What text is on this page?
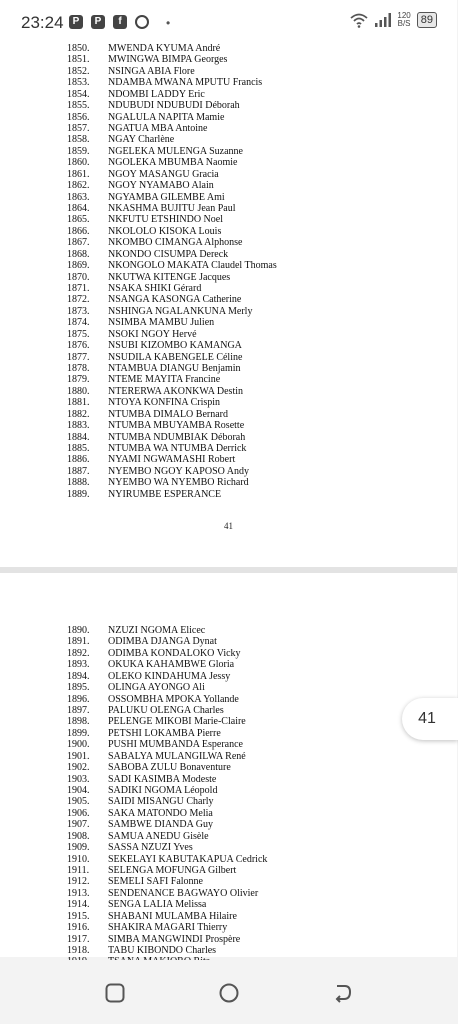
23:24 P	P	f	•
120
B/S 89
1850. MWENDA KYUMA André
1851. MWINGWA BIMPA Georges
1852. NSINGA ABIA Flore
1853. NDAMBA MWANA MPUTU Francis
1854. NDOMBI LADDY Eric
1855. NDUBUDI NDUBUDI Déborah
1856. NGALULA NAPITA Mamie
1857. NGATUA MBA Antoine
1858. NGAY Charlène
1859. NGELEKA MULENGA Suzanne
1860. NGOLEKA MBUMBA Naomie
1861. NGOY MASANGU Gracia
1862. NGOY NYAMABO Alain
1863. NGYAMBA GILEMBE Ami
1864. NKASHMA BUJITU Jean Paul
1865. NKFUTU ETSHINDO Noel
1866. NKOLOLO KISOKA Louis
1867. NKOMBO CIMANGA Alphonse
1868. NKONDO CISUMPA Dereck
1869. NKONGOLO MAKATA Claudel Thomas
1870. NKUTWA KITENGE Jacques
1871. NSAKA SHIKI Gérard
1872. NSANGA KASONGA Catherine
1873. NSHINGA NGALANKUNA Merly
1874. NSIMBA MAMBU Julien
1875. NSOKI NGOY Hervé
1876. NSUBI KIZOMBO KAMANGA
1877. NSUDILA KABENGELE Céline
1878. NTAMBUA DIANGU Benjamin
1879. NTEME MAYITA Francine
1880. NTERERWA AKONKWA Destin
1881. NTOYA KONFINA Crispin
1882. NTUMBA DIMALO Bernard
1883. NTUMBA MBUYAMBA Rosette
1884. NTUMBA NDUMBIAK Déborah
1885. NTUMBA WA NTUMBA Derrick
1886. NYAMI NGWAMASHI Robert
1887. NYEMBO NGOY KAPOSO Andy
1888. NYEMBO WA NYEMBO Richard
1889. NYIRUMBE ESPERANCE
41
1890. NZUZI NGOMA Elicec
1891. ODIMBA DJANGA Dynat
1892. ODIMBA KONDALOKO Vicky
1893. OKUKA KAHAMBWE Gloria
1894. OLEKO KINDAHUMA Jessy
1895. OLINGA AYONGO Ali
1896. OSSOMBHA MPOKA Yollande
1897. PALUKU OLENGA Charles
1898. PELENGE MIKOBI Marie-Claire
1899. PETSHI LOKAMBA Pierre
1900. PUSHI MUMBANDA Esperance
1901. SABALYA MULANGILWA René
1902. SABOBA ZULU Bonaventure
1903. SADI KASIMBA Modeste
1904. SADIKI NGOMA Léopold
1905. SAIDI MISANGU Charly
1906. SAKA MATONDO Melia
1907. SAMBWE DIANDA Guy
1908. SAMUA ANEDU Gisèle
1909. SASSA NZUZI Yves
1910. SEKELAYI KABUTAKAPUA Cedrick
1911. SELENGA MOFUNGA Gilbert
1912. SEMELI SAFI Falonne
1913. SENDENANCE BAGWAYO Olivier
1914. SENGA LALIA Melissa
1915. SHABANI MULAMBA Hilaire
1916. SHAKIRA MAGARI Thierry
1917. SIMBA MANGWINDI Prospère
1918. TABU KIBONDO Charles
41
